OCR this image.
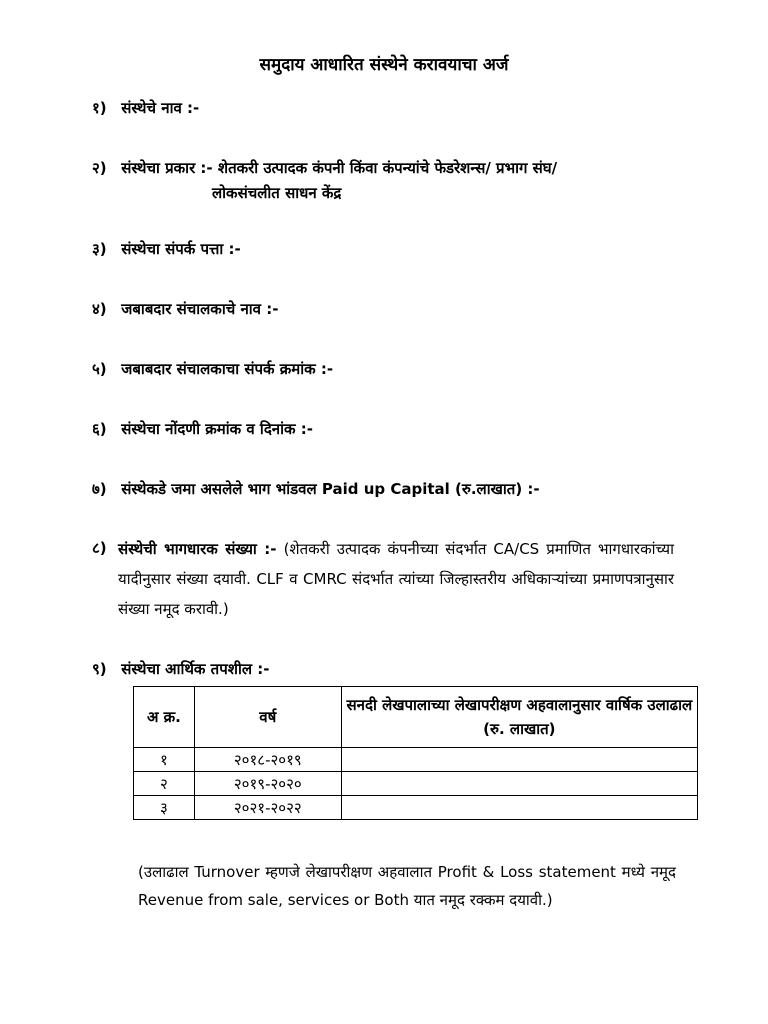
समुदाय आधारित संस्थेने करावयाचा अर्ज
१) संस्थेचे नाव :-
२) संस्थेचा प्रकार :- शेतकरी उत्पादक कंपनी किंवा कंपन्यांचे फेडरेशन्स/ प्रभाग संघ/
लोकसंचलीत साधन केंद्र
३) संस्थेचा संपर्क पत्ता :-
४) जबाबदार संचालकाचे नाव :-
५) जबाबदार संचालकाचा संपर्क क्रमांक :-
६) संस्थेचा नोंदणी क्रमांक व दिनांक :-
७) संस्थेकडे जमा असलेले भाग भांडवल Paid up Capital (रु.लाखात) :-
८) संस्थेची भागधारक संख्या :- (शेतकरी उत्पादक कंपनीच्या संदर्भात CA/CS प्रमाणित भागधारकांच्या यादीनुसार संख्या दयावी. CLF व CMRC संदर्भात त्यांच्या जिल्हास्तरीय अधिकाऱ्यांच्या प्रमाणपत्रानुसार संख्या नमूद करावी.)
९) संस्थेचा आर्थिक तपशील :-
अ क्र.	वर्ष	सनदी लेखपालाच्या लेखापरीक्षण अहवालानुसार वार्षिक उलाढाल (रु. लाखात)
१	२०१८-२०१९	
२	२०१९-२०२०	
३	२०२१-२०२२	
(उलाढाल Turnover म्हणजे लेखापरीक्षण अहवालात Profit & Loss statement मध्ये नमूद Revenue from sale, services or Both यात नमूद रक्कम दयावी.)
